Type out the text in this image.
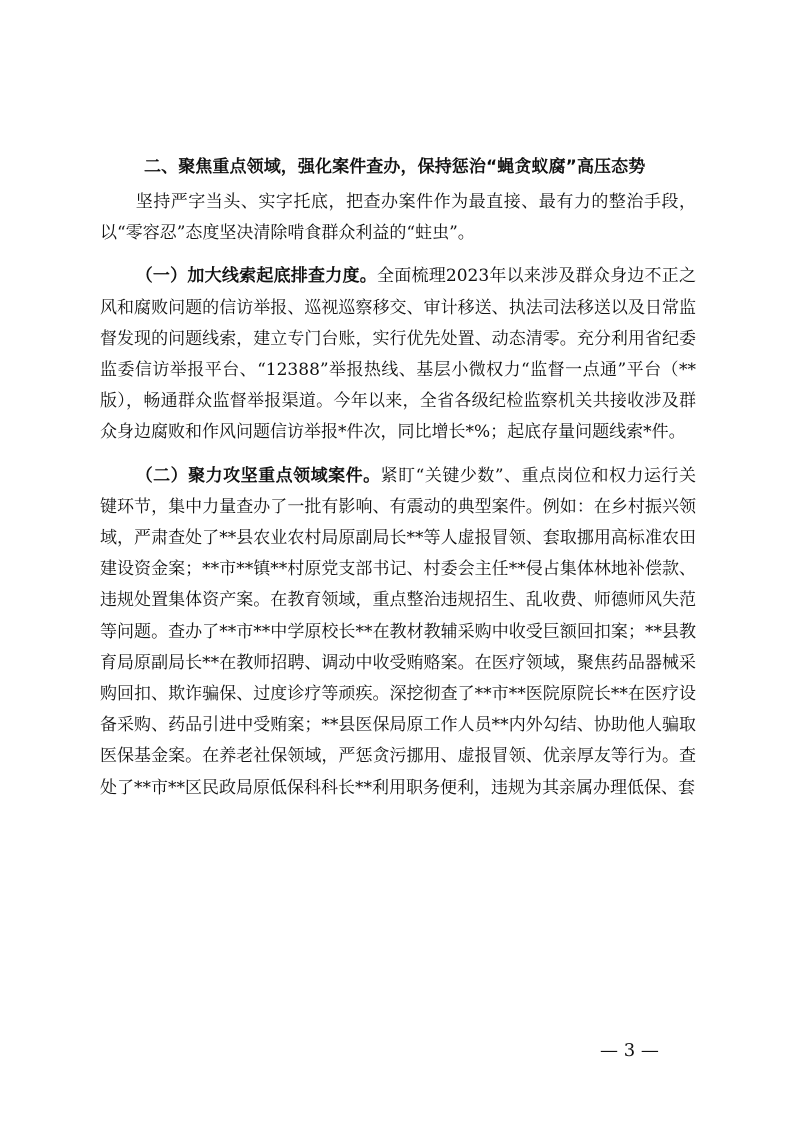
二、聚焦重点领域，强化案件查办，保持惩治“蝇贪蚁腐”高压态势

坚持严字当头、实字托底，把查办案件作为最直接、最有力的整治手段，以“零容忍”态度坚决清除啃食群众利益的“蛀虫”。

（一）加大线索起底排查力度。全面梳理2023年以来涉及群众身边不正之风和腐败问题的信访举报、巡视巡察移交、审计移送、执法司法移送以及日常监督发现的问题线索，建立专门台账，实行优先处置、动态清零。充分利用省纪委监委信访举报平台、“12388”举报热线、基层小微权力“监督一点通”平台（**版），畅通群众监督举报渠道。今年以来，全省各级纪检监察机关共接收涉及群众身边腐败和作风问题信访举报*件次，同比增长*%；起底存量问题线索*件。

（二）聚力攻坚重点领域案件。紧盯“关键少数”、重点岗位和权力运行关键环节，集中力量查办了一批有影响、有震动的典型案件。例如：在乡村振兴领域，严肃查处了**县农业农村局原副局长**等人虚报冒领、套取挪用高标准农田建设资金案；**市**镇**村原党支部书记、村委会主任**侵占集体林地补偿款、违规处置集体资产案。在教育领域，重点整治违规招生、乱收费、师德师风失范等问题。查办了**市**中学原校长**在教材教辅采购中收受巨额回扣案；**县教育局原副局长**在教师招聘、调动中收受贿赂案。在医疗领域，聚焦药品器械采购回扣、欺诈骗保、过度诊疗等顽疾。深挖彻查了**市**医院原院长**在医疗设备采购、药品引进中受贿案；**县医保局原工作人员**内外勾结、协助他人骗取医保基金案。在养老社保领域，严惩贪污挪用、虚报冒领、优亲厚友等行为。查处了**市**区民政局原低保科科长**利用职务便利，违规为其亲属办理低保、套

— 3 —
